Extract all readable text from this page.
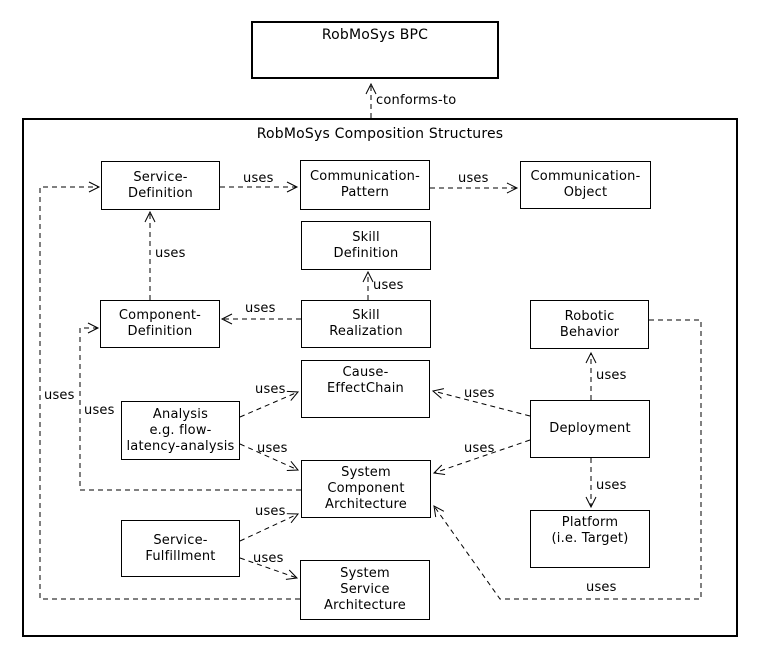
RobMoSys BPC
RobMoSys Composition Structures
Service-
Definition
Communication-
Pattern
Communication-
Object
Skill
Definition
Component-
Definition
Skill
Realization
Robotic
Behavior
Cause-
EffectChain
Analysis
e.g. flow-
latency-analysis
Deployment
System
Component
Architecture
Service-
Fulfillment
Platform
(i.e. Target)
System
Service
Architecture
conforms-to
uses	uses
uses
uses
uses
uses
uses
uses
uses
uses
uses
uses
uses
uses
uses
uses
